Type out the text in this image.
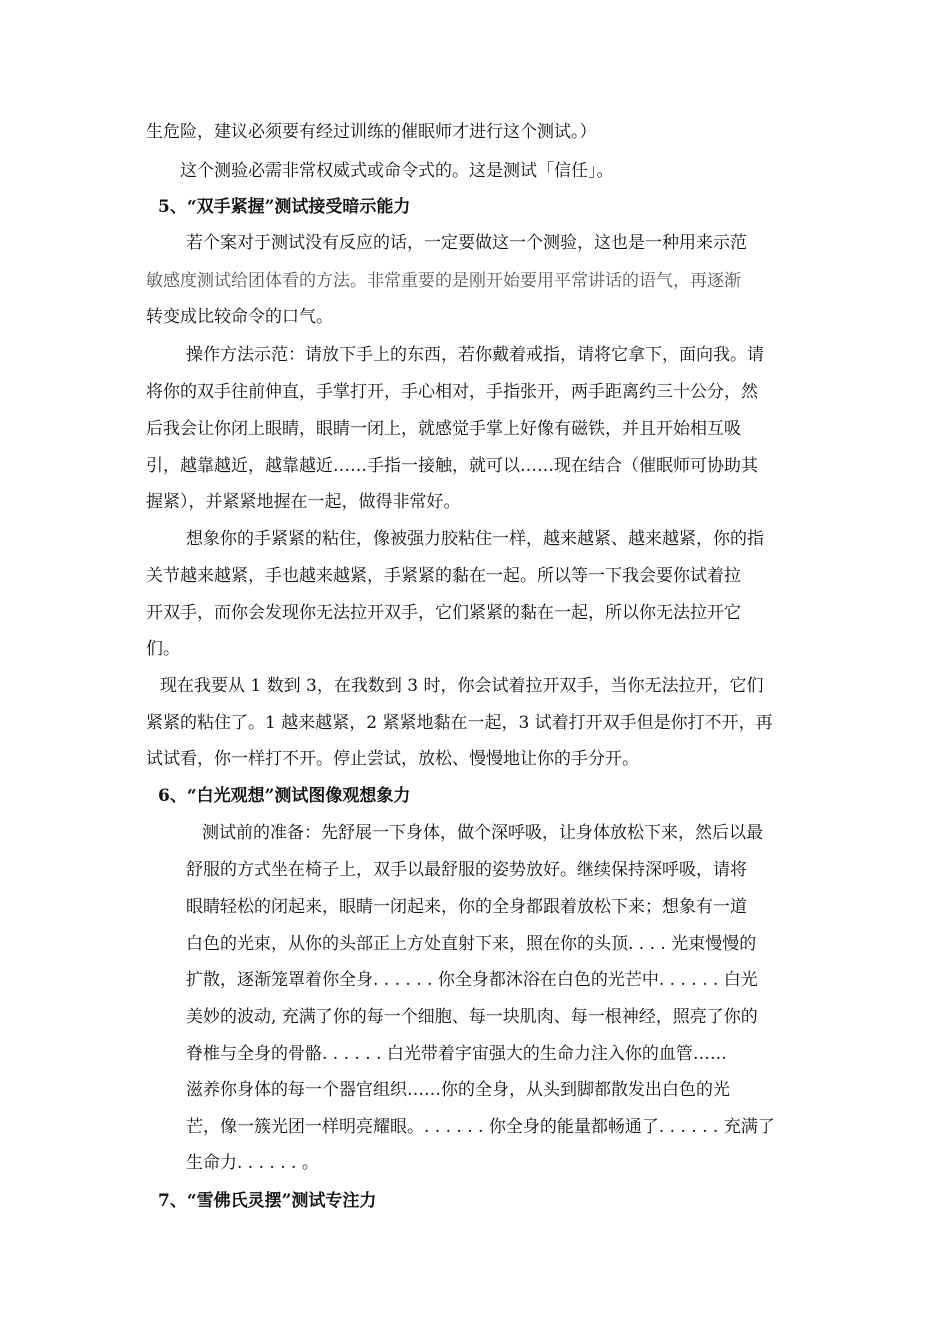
生危险，建议必须要有经过训练的催眠师才进行这个测试。）
这个测验必需非常权威式或命令式的。这是测试「信任」。
5、“双手紧握”测试接受暗示能力
若个案对于测试没有反应的话，一定要做这一个测验，这也是一种用来示范
敏感度测试给团体看的方法。非常重要的是刚开始要用平常讲话的语气，再逐渐
转变成比较命令的口气。
操作方法示范：请放下手上的东西，若你戴着戒指，请将它拿下，面向我。请
将你的双手往前伸直，手掌打开，手心相对，手指张开，两手距离约三十公分，然
后我会让你闭上眼睛，眼睛一闭上，就感觉手掌上好像有磁铁，并且开始相互吸
引，越靠越近，越靠越近……手指一接触，就可以……现在结合（催眠师可协助其
握紧），并紧紧地握在一起，做得非常好。
想象你的手紧紧的粘住，像被强力胶粘住一样，越来越紧、越来越紧，你的指
关节越来越紧，手也越来越紧，手紧紧的黏在一起。所以等一下我会要你试着拉
开双手，而你会发现你无法拉开双手，它们紧紧的黏在一起，所以你无法拉开它
们。
现在我要从 1 数到 3，在我数到 3 时，你会试着拉开双手，当你无法拉开，它们
紧紧的粘住了。1 越来越紧，2 紧紧地黏在一起，3 试着打开双手但是你打不开，再
试试看，你一样打不开。停止尝试，放松、慢慢地让你的手分开。
6、“白光观想”测试图像观想象力
测试前的准备：先舒展一下身体，做个深呼吸，让身体放松下来，然后以最
舒服的方式坐在椅子上，双手以最舒服的姿势放好。继续保持深呼吸，请将
眼睛轻松的闭起来，眼睛一闭起来，你的全身都跟着放松下来；想象有一道
白色的光束，从你的头部正上方处直射下来，照在你的头顶. . . . 光束慢慢的
扩散，逐渐笼罩着你全身. . . . . . 你全身都沐浴在白色的光芒中. . . . . . 白光
美妙的波动, 充满了你的每一个细胞、每一块肌肉、每一根神经，照亮了你的
脊椎与全身的骨骼. . . . . . 白光带着宇宙强大的生命力注入你的血管……
滋养你身体的每一个器官组织……你的全身，从头到脚都散发出白色的光
芒，像一簇光团一样明亮耀眼。. . . . . . 你全身的能量都畅通了. . . . . . 充满了
生命力. . . . . . 。
7、“雪佛氏灵摆”测试专注力
